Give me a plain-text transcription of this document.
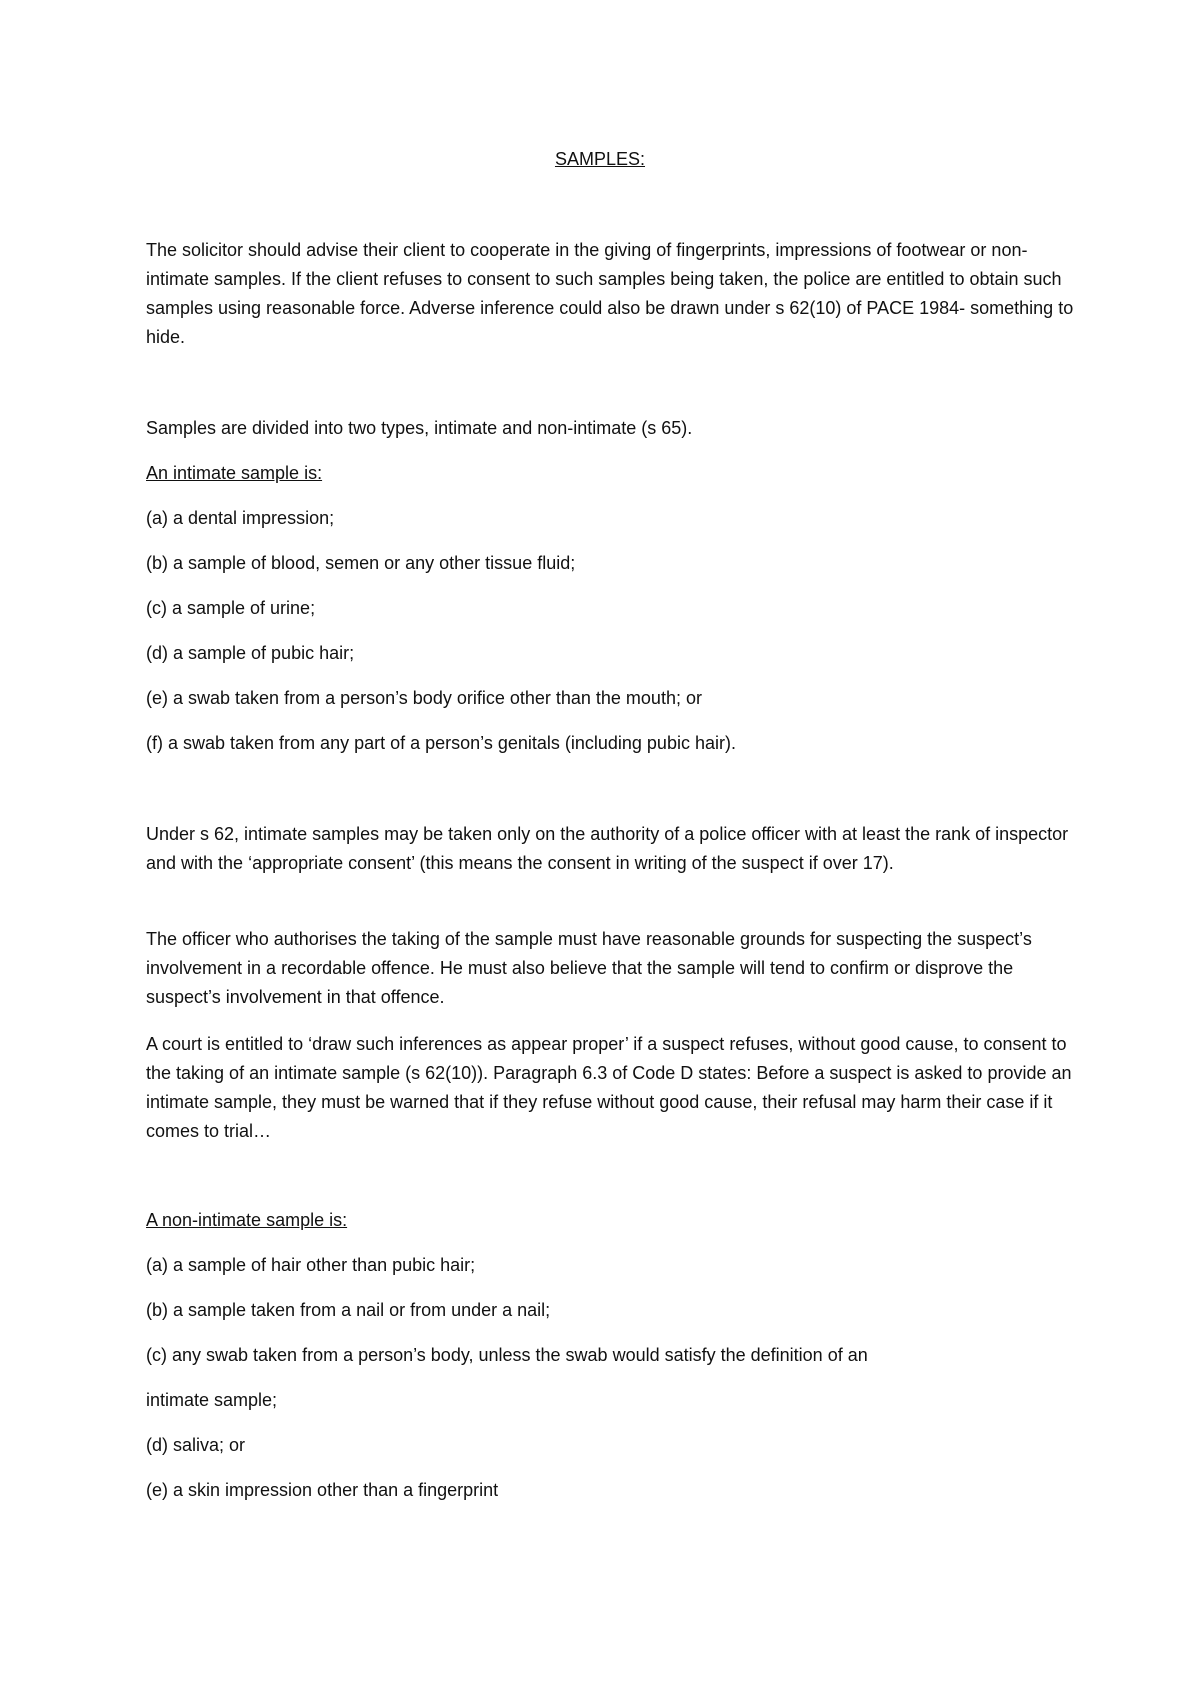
SAMPLES:

The solicitor should advise their client to cooperate in the giving of fingerprints, impressions of footwear or non-intimate samples. If the client refuses to consent to such samples being taken, the police are entitled to obtain such samples using reasonable force. Adverse inference could also be drawn under s 62(10) of PACE 1984- something to hide.

Samples are divided into two types, intimate and non-intimate (s 65).
An intimate sample is:
(a) a dental impression;
(b) a sample of blood, semen or any other tissue fluid;
(c) a sample of urine;
(d) a sample of pubic hair;
(e) a swab taken from a person’s body orifice other than the mouth; or
(f) a swab taken from any part of a person’s genitals (including pubic hair).

Under s 62, intimate samples may be taken only on the authority of a police officer with at least the rank of inspector and with the ‘appropriate consent’ (this means the consent in writing of the suspect if over 17).

The officer who authorises the taking of the sample must have reasonable grounds for suspecting the suspect’s involvement in a recordable offence. He must also believe that the sample will tend to confirm or disprove the suspect’s involvement in that offence.

A court is entitled to ‘draw such inferences as appear proper’ if a suspect refuses, without good cause, to consent to the taking of an intimate sample (s 62(10)). Paragraph 6.3 of Code D states: Before a suspect is asked to provide an intimate sample, they must be warned that if they refuse without good cause, their refusal may harm their case if it comes to trial…

A non-intimate sample is:
(a) a sample of hair other than pubic hair;
(b) a sample taken from a nail or from under a nail;
(c) any swab taken from a person’s body, unless the swab would satisfy the definition of an
intimate sample;
(d) saliva; or
(e) a skin impression other than a fingerprint
